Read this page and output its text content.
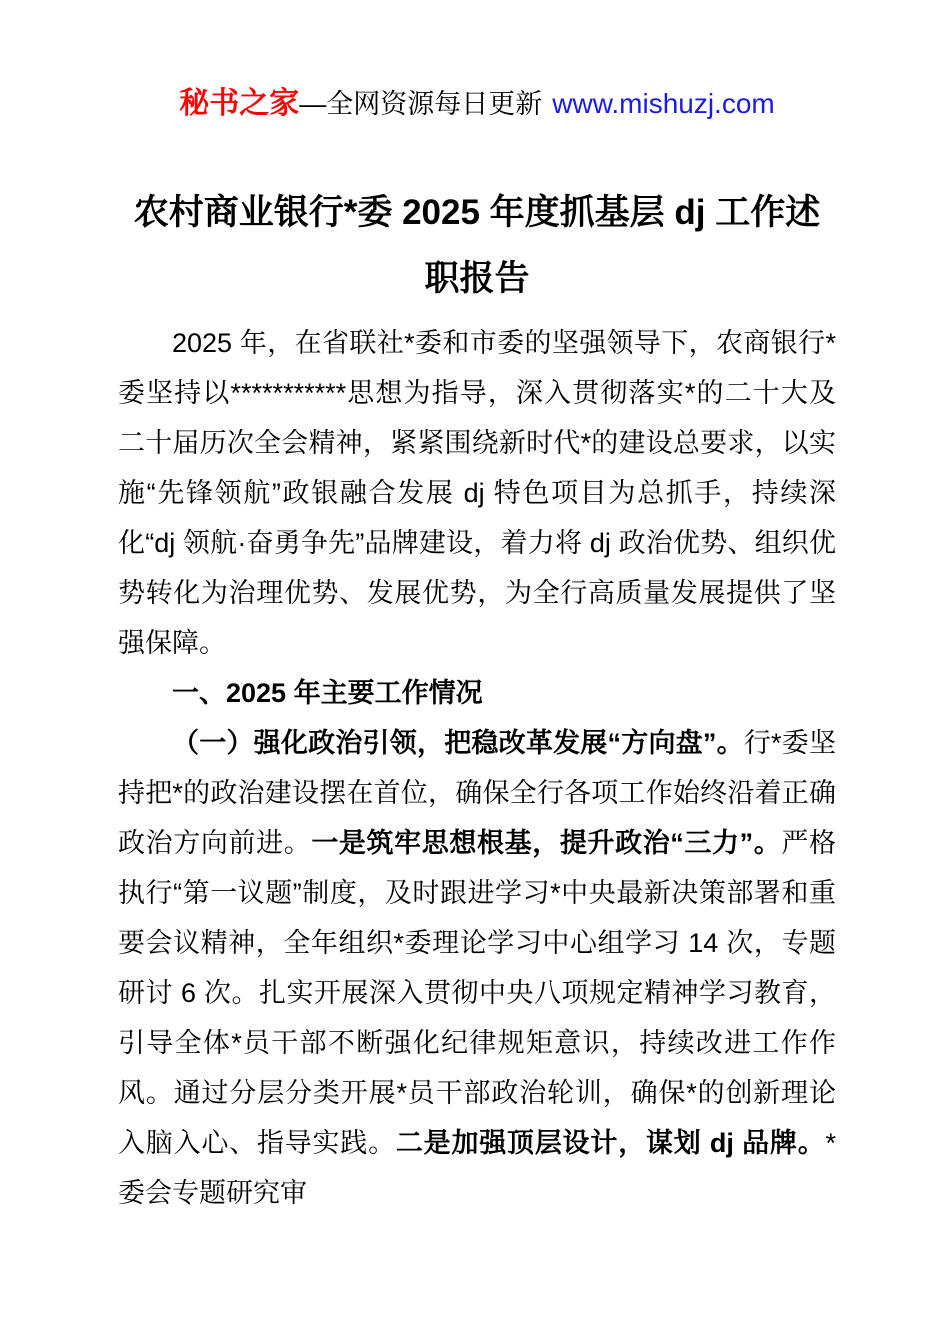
秘书之家—全网资源每日更新 www.mishuzj.com
农村商业银行*委 2025 年度抓基层 dj 工作述职报告

2025 年，在省联社*委和市委的坚强领导下，农商银行*委坚持以***********思想为指导，深入贯彻落实*的二十大及二十届历次全会精神，紧紧围绕新时代*的建设总要求，以实施“先锋领航”政银融合发展 dj 特色项目为总抓手，持续深化“dj 领航·奋勇争先”品牌建设，着力将 dj 政治优势、组织优势转化为治理优势、发展优势，为全行高质量发展提供了坚强保障。

一、2025 年主要工作情况

（一）强化政治引领，把稳改革发展“方向盘”。行*委坚持把*的政治建设摆在首位，确保全行各项工作始终沿着正确政治方向前进。一是筑牢思想根基，提升政治“三力”。严格执行“第一议题”制度，及时跟进学习*中央最新决策部署和重要会议精神，全年组织*委理论学习中心组学习 14 次，专题研讨 6 次。扎实开展深入贯彻中央八项规定精神学习教育，引导全体*员干部不断强化纪律规矩意识，持续改进工作作风。通过分层分类开展*员干部政治轮训，确保*的创新理论入脑入心、指导实践。二是加强顶层设计，谋划 dj 品牌。*委会专题研究审
